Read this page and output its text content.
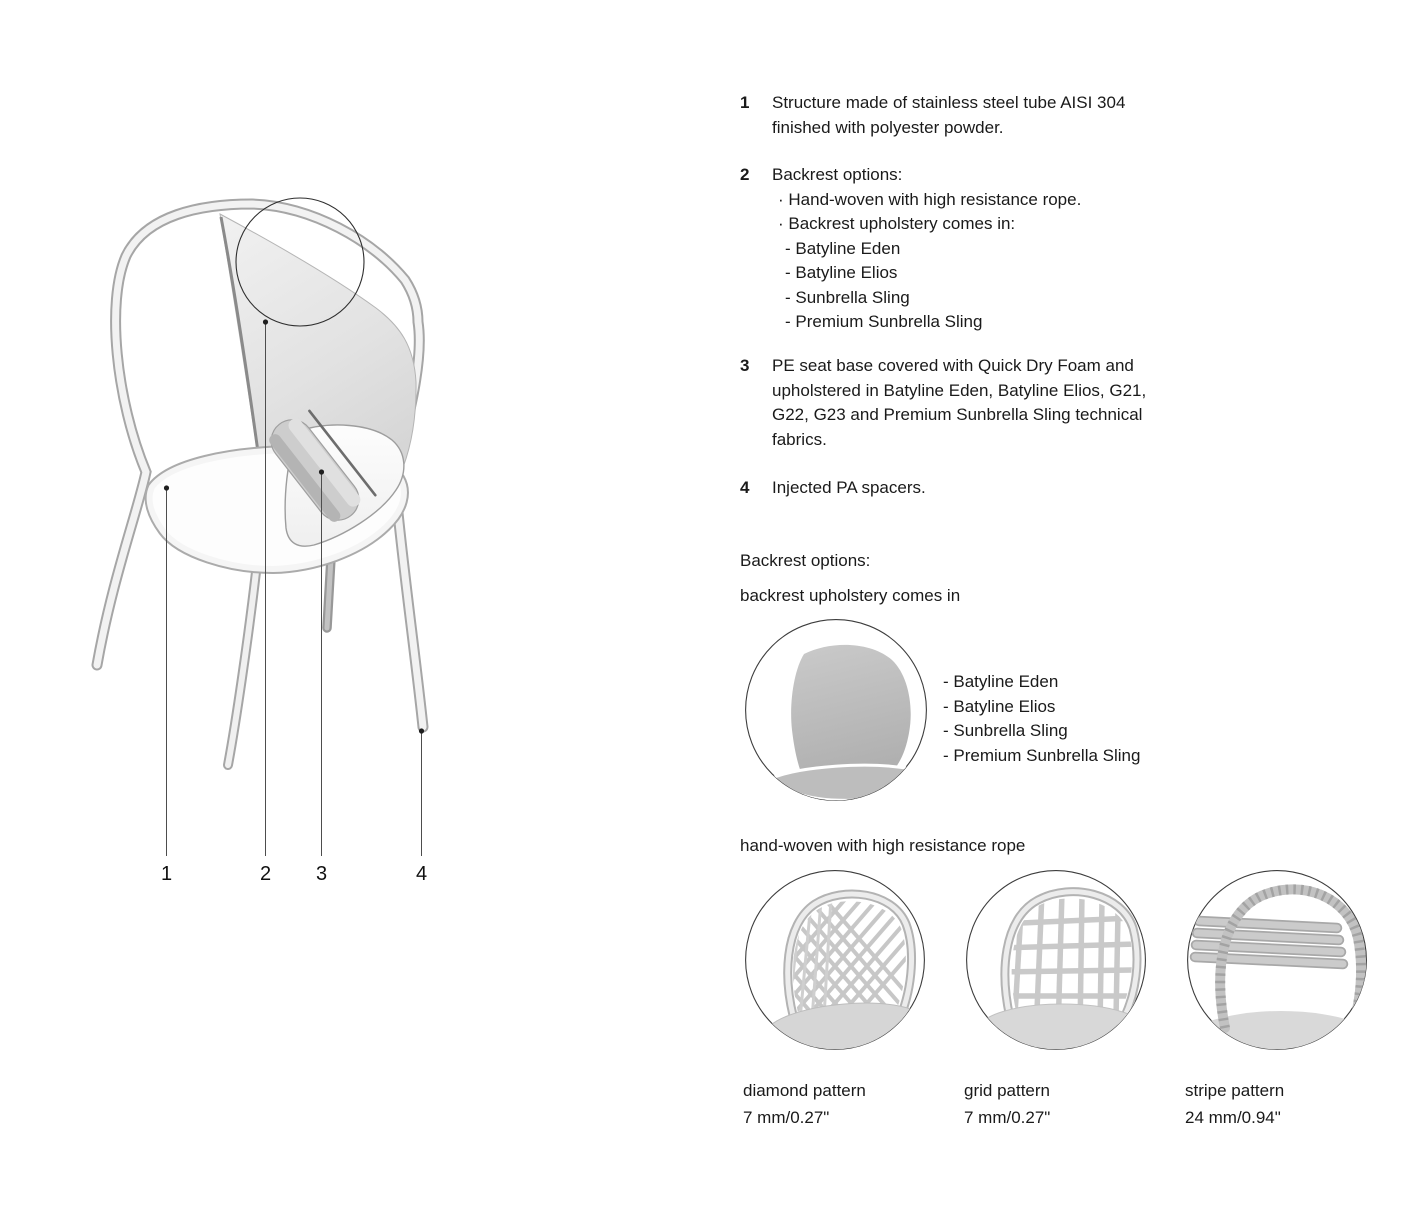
1	2 3	4
1	Structure made of stainless steel tube AISI 304
finished with polyester powder.
2	Backrest options:
· Hand-woven with high resistance rope.
· Backrest upholstery comes in:
- Batyline Eden
- Batyline Elios
- Sunbrella Sling
- Premium Sunbrella Sling
3	PE seat base covered with Quick Dry Foam and
upholstered in Batyline Eden, Batyline Elios, G21,
G22, G23 and Premium Sunbrella Sling technical
fabrics.
4	Injected PA spacers.
Backrest options:
backrest upholstery comes in
- Batyline Eden
- Batyline Elios
- Sunbrella Sling
- Premium Sunbrella Sling
hand-woven with high resistance rope
diamond pattern
7 mm/0.27"
grid pattern
7 mm/0.27"
stripe pattern
24 mm/0.94"
